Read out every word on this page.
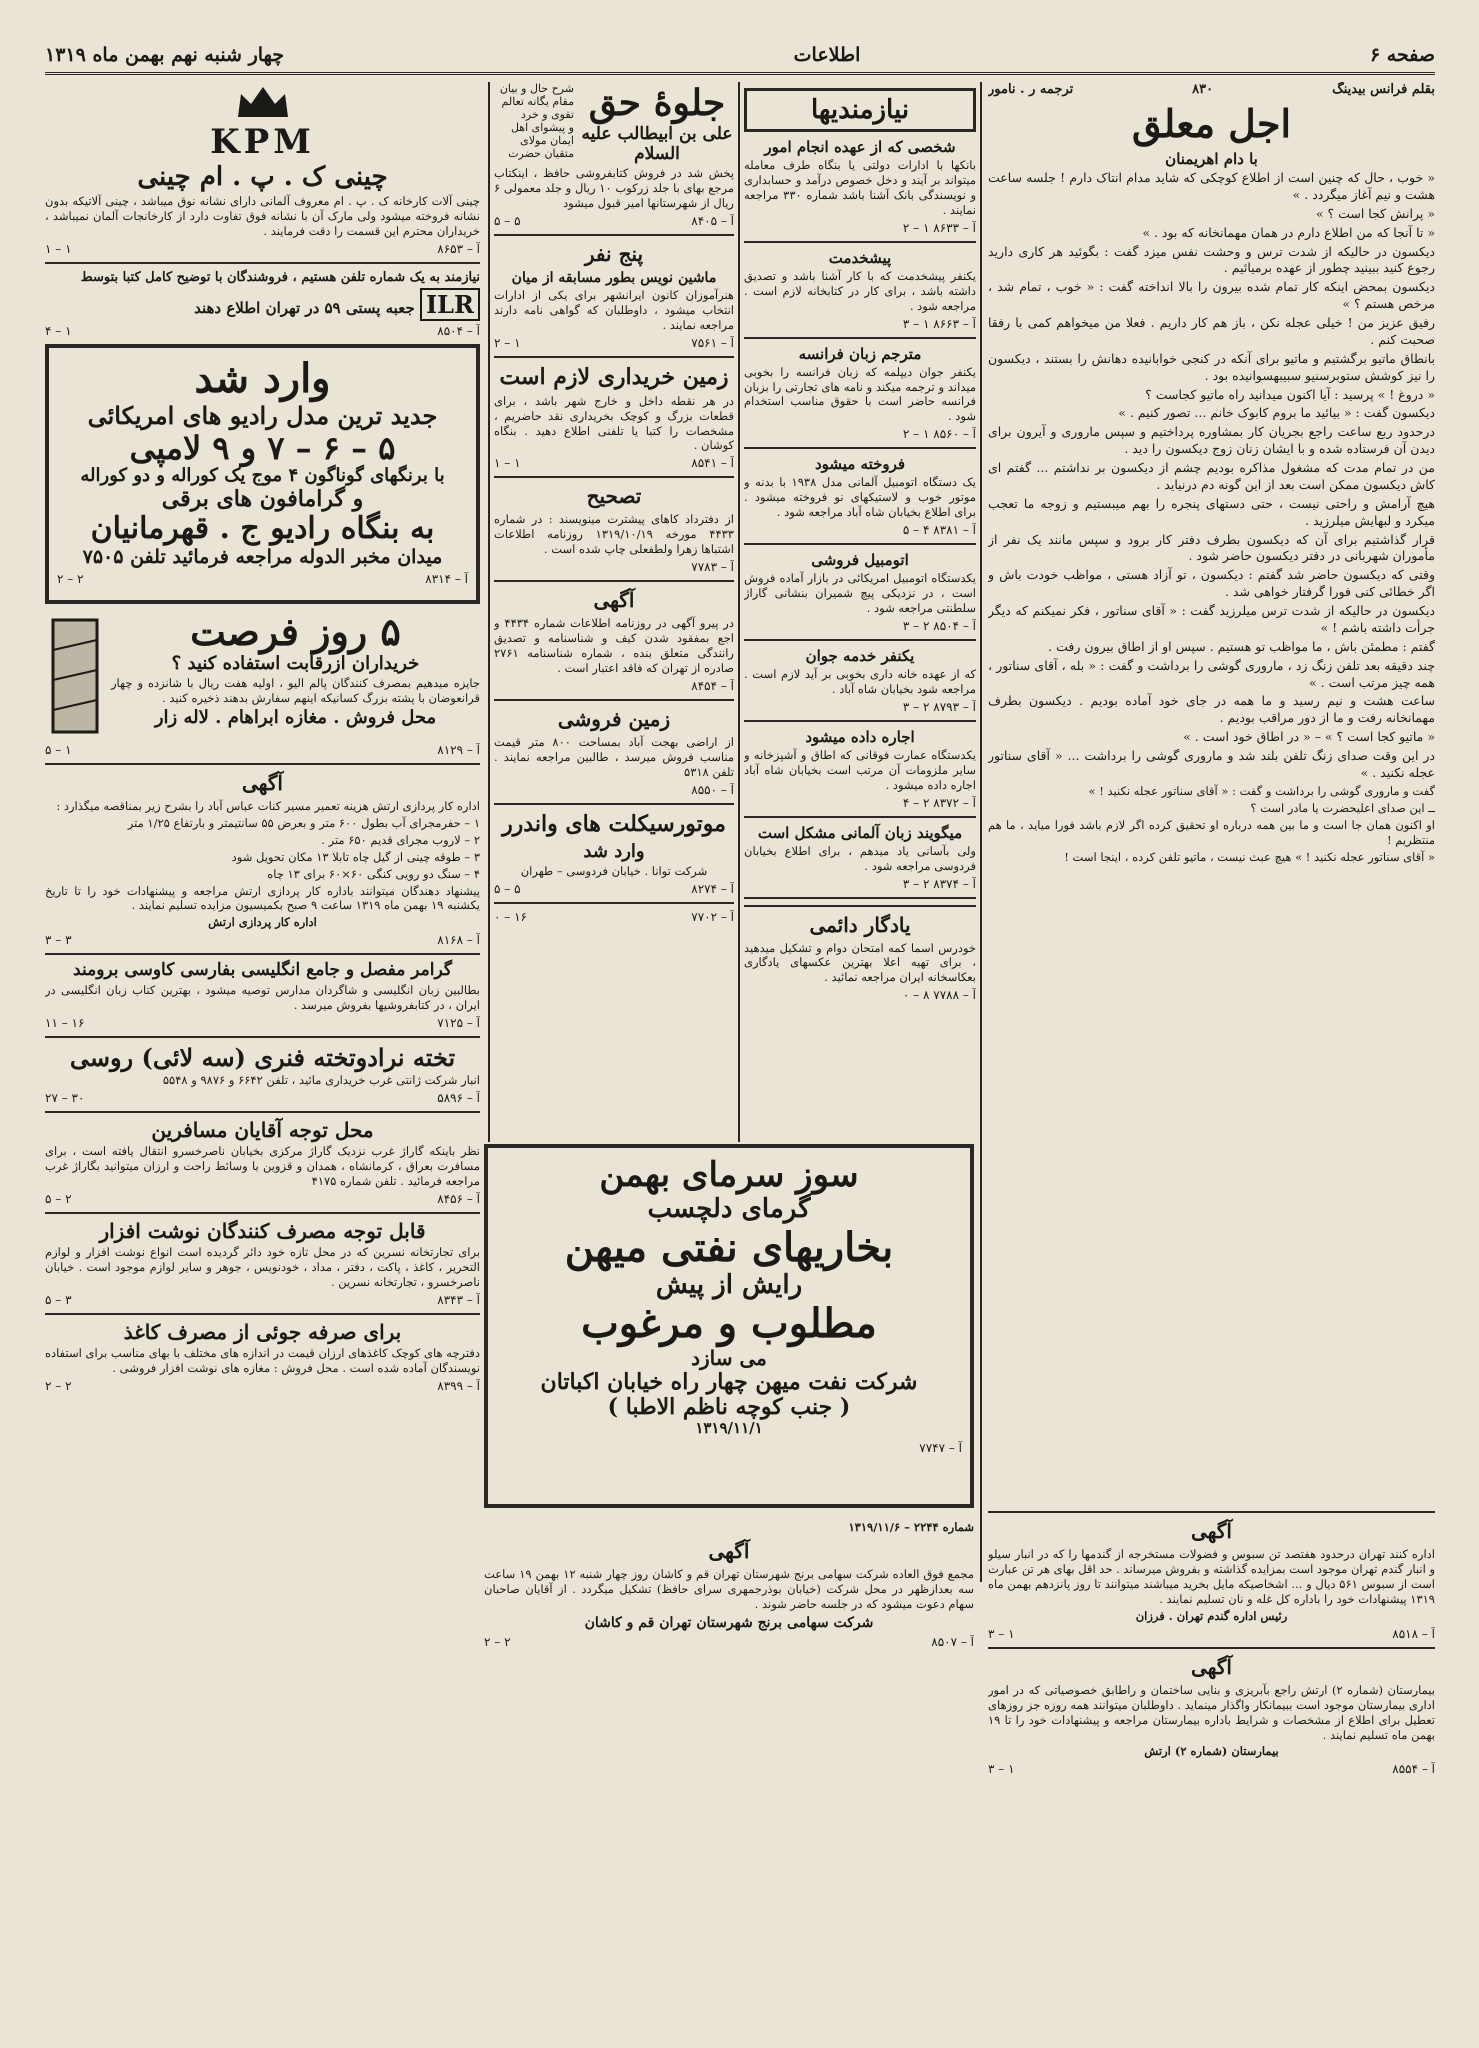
صفحه ۶
اطلاعات
چهار شنبه نهم بهمن ماه ۱۳۱۹
بقلم فرانس بیدینگ
۸۳۰
ترجمه ر . نامور
اجل معلق
با دام اهریمنان

« خوب ، حال که چنین است از اطلاع کوچکی که شاید مدام انتاک دارم ! جلسه ساعت هشت و نیم آغاز میگردد . »

« پرانش کجا است ؟ »

« تا آنجا که من اطلاع دارم در همان مهمانخانه که بود . »

دیکسون در حالیکه از شدت ترس و وحشت نفس میزد گفت : بگوئید هر کاری دارید رجوع کنید ببینید چطور از عهده برمیائیم .

دیکسون بمحض اینکه کار تمام شده بیرون را بالا انداخته گفت : « خوب ، تمام شد ، مرخص هستم ؟ »

رفیق عزیز من ! خیلی عجله نکن ، باز هم کار داریم . فعلا من میخواهم کمی با رفقا صحبت کنم .

بانطاق ماتیو برگشتیم و ماتیو برای آنکه در کنجی خوابانیده دهانش را بستند ، دیکسون را نیز کوشش ستوبرسنیو سبیبهسوانیده بود .

« دروغ ! » پرسید : آیا اکنون میدانید راه ماتیو کجاست ؟

دیکسون گفت : « بیائید ما بروم کابوک خانم ... تصور کنیم . »

درحدود ربع ساعت راجع بجریان کار بمشاوره پرداختیم و سپس ماروری و آیرون برای دیدن آن فرستاده شده و با ایشان زنان زوج دیکسون را دید .

من در تمام مدت که مشغول مذاکره بودیم چشم از دیکسون بر نداشتم ... گفتم ای کاش دیکسون ممکن است بعد از این گونه دم درنیاید .

هیچ آرامش و راحتی نیست ، حتی دستهای پنجره را بهم میبستیم و زوجه ما تعجب میکرد و لبهایش میلرزید .

قرار گذاشتیم برای آن که دیکسون بطرف دفتر کار برود و سپس مانند یک نفر از مأموران شهربانی در دفتر دیکسون حاضر شود .

وقتی که دیکسون حاضر شد گفتم : دیکسون ، تو آزاد هستی ، مواظب خودت باش و اگر خطائی کنی فورا گرفتار خواهی شد .

دیکسون در حالیکه از شدت ترس میلرزید گفت : « آقای سناتور ، فکر نمیکنم که دیگر جرأت داشته باشم ! »

گفتم : مطمئن باش ، ما مواظب تو هستیم . سپس او از اطاق بیرون رفت .

چند دقیقه بعد تلفن زنگ زد ، ماروری گوشی را برداشت و گفت : « بله ، آقای سناتور ، همه چیز مرتب است . »

ساعت هشت و نیم رسید و ما همه در جای خود آماده بودیم . دیکسون بطرف مهمانخانه رفت و ما از دور مراقب بودیم .

« ماتیو کجا است ؟ » – « در اطاق خود است . »

در این وقت صدای زنگ تلفن بلند شد و ماروری گوشی را برداشت ... « آقای سناتور عجله نکنید . »

گفت و ماروری گوشی را برداشت و گفت : « آقای سناتور عجله نکنید ! »

ــ این صدای اعلیحضرت یا مادر است ؟

او اکنون همان جا است و ما بین همه درباره او تحقیق کرده اگر لازم باشد فورا میاید ، ما هم منتظریم !

« آقای سناتور عجله نکنید ! » هیچ عبث نیست ، ماتیو تلفن کرده ، اینجا است !

آگهی

اداره کنند تهران درحدود هفتصد تن سبوس و فضولات مستخرجه از گندمها را که در انبار سیلو و انبار گندم تهران موجود است بمزایده گذاشته و بفروش میرساند . حد اقل بهای هر تن عبارت است از سبوس ۵۶۱ دیال و ... اشخاصیکه مایل بخرید میباشند میتوانند تا روز پانزدهم بهمن ماه ۱۳۱۹ پیشنهادات خود را باداره کل غله و نان تسلیم نمایند .

رئیس اداره گندم تهران . فرزان

آ – ۸۵۱۸
۱ – ۳
آگهی

بیمارستان (شماره ۲) ارتش راجع بآبریزی و بنایی ساختمان و راطابق خصوصیاتی که در امور اداری بیمارستان موجود است ببیمانکار واگذار مینماید . داوطلبان میتوانند همه روزه جز روزهای تعطیل برای اطلاع از مشخصات و شرایط باداره بیمارستان مراجعه و پیشنهادات خود را تا ۱۹ بهمن ماه تسلیم نمایند .

بیمارستان (شماره ۲) ارتش

آ – ۸۵۵۴
۱ – ۳
نیازمندیها
شخصی که از عهده انجام امور

بانکها با ادارات دولتی یا بنگاه طرف معامله میتواند بر آیند و دخل خصوص درآمد و حسابداری و نویسندگی بانک آشنا باشد شماره ۳۳۰ مراجعه نمایند .

آ – ۸۶۳۳ ۱ – ۲
پیشخدمت

یکنفر پیشخدمت که با کار آشنا باشد و تصدیق داشته باشد ، برای کار در کتابخانه لازم است . مراجعه شود .

آ – ۸۶۶۳ ۱ – ۳
مترجم زبان فرانسه

یکنفر جوان دیپلمه که زبان فرانسه را بخوبی میداند و ترجمه میکند و نامه های تجارتی را بزبان فرانسه حاضر است با حقوق مناسب استخدام شود .

آ – ۸۵۶۰ ۱ – ۲
فروخته میشود

یک دستگاه اتومبیل آلمانی مدل ۱۹۳۸ با بدنه و موتور خوب و لاستیکهای نو فروخته میشود . برای اطلاع بخیابان شاه آباد مراجعه شود .

آ – ۸۳۸۱ ۴ – ۵
اتومبیل فروشی

یکدستگاه اتومبیل امریکائی در بازار آماده فروش است ، در نزدیکی پیچ شمیران بنشانی گاراژ سلطنتی مراجعه شود .

آ – ۸۵۰۴ ۲ – ۳
یکنفر خدمه جوان

که از عهده خانه داری بخوبی بر آید لازم است . مراجعه شود بخیابان شاه آباد .

آ – ۸۷۹۳ ۲ – ۳
اجاره داده میشود

یکدستگاه عمارت فوقانی که اطاق و آشپزخانه و سایر ملزومات آن مرتب است بخیابان شاه آباد اجاره داده میشود .

آ – ۸۳۷۲ ۲ – ۴
میگویند زبان آلمانی مشکل است

ولی بآسانی یاد میدهم ، برای اطلاع بخیابان فردوسی مراجعه شود .

آ – ۸۳۷۴ ۲ – ۳
یادگار دائمی

خودرس اسما کمه امتحان دوام و تشکیل میدهید ، برای تهیه اعلا بهترین عکسهای یادگاری بعکاسخانه ایران مراجعه نمائید .

آ – ۷۷۸۸ ۸ – ۰
جلوهٔ حق
علی بن ابیطالب علیه السلام
شرح حال و بیان
مقام یگانه تعالم
تقوی و خرد
و پیشوای اهل
ایمان مولای
متقیان حضرت

پخش شد در فروش کتابفروشی حافظ ، اینکتاب مرجع بهای با جلد زرکوب ۱۰ ریال و جلد معمولی ۶ ریال از شهرستانها امیر قبول میشود

آ – ۸۴۰۵
۵ – ۵
پنج نفر
ماشین نویس بطور مسابقه از میان

هنرآموزان کانون ایرانشهر برای یکی از ادارات انتخاب میشود ، داوطلبان که گواهی نامه دارند مراجعه نمایند .

آ – ۷۵۶۱
۱ – ۲
زمین خریداری لازم است

در هر نقطه داخل و خارج شهر باشد ، برای قطعات بزرگ و کوچک بخریداری نقد حاضریم ، مشخصات را کتبا یا تلفنی اطلاع دهید . بنگاه کوشان .

آ – ۸۵۴۱
۱ – ۱
تصحیح

از دفترداد کاهای پیشترت مینویسند : در شماره ۴۴۳۳ مورخه ۱۳۱۹/۱۰/۱۹ روزنامه اطلاعات اشتباها زهرا ولطفعلی چاپ شده است .

آ – ۷۷۸۳
آگهی

در پیرو آگهی در روزنامه اطلاعات شماره ۴۴۳۴ و اجع بمفقود شدن کیف و شناسنامه و تصدیق رانندگی متعلق بنده ، شماره شناسنامه ۲۷۶۱ صادره از تهران که فاقد اعتبار است .

آ – ۸۴۵۴
زمین فروشی

از اراضی بهجت آباد بمساحت ۸۰۰ متر قیمت مناسب فروش میرسد ، طالبین مراجعه نمایند . تلفن ۵۳۱۸

آ – ۸۵۵۰
موتورسیکلت های واندرر
وارد شد

شرکت توانا . خیابان فردوسی – طهران

آ – ۸۲۷۴
۵ – ۵
آ – ۷۷۰۲
۱۶ – ۰
سوز سرمای بهمن
گرمای دلچسب
بخاریهای نفتی میهن
رایش از پیش
مطلوب و مرغوب
می سازد
شرکت نفت میهن چهار راه خیابان اکباتان
( جنب کوچه ناظم الاطبا )
۱۳۱۹/۱۱/۱
آ – ۷۷۴۷

شماره ۲۲۴۴ – ۱۳۱۹/۱۱/۶

آگهی

مجمع فوق العاده شرکت سهامی برنج شهرستان تهران قم و کاشان روز چهار شنبه ۱۲ بهمن ۱۹ ساعت سه بعدازظهر در محل شرکت (خیابان بوذرجمهری سرای حافظ) تشکیل میگردد . از آقایان صاحبان سهام دعوت میشود که در جلسه حاضر شوند .

شرکت سهامی برنج شهرستان تهران قم و کاشان

آ – ۸۵۰۷
۲ – ۲
KPM
چینی ک . پ . ام چینی

چینی آلات کارخانه ک . پ . ام معروف آلمانی دارای نشانه نوق میباشد ، چینی آلاتیکه بدون نشانه فروخته میشود ولی مارک آن با نشانه فوق تفاوت دارد از کارخانجات آلمان نمیباشد ، خریداران محترم این قسمت را دقت فرمایند .

آ – ۸۶۵۳
۱ – ۱

نیازمند به یک شماره تلفن هستیم ، فروشندگان با توضیح کامل کتبا بتوسط

ILR جعبه پستی ۵۹ در تهران اطلاع دهند

آ – ۸۵۰۴
۱ – ۴
وارد شد
جدید ترین مدل رادیو های امریکائی
۵ – ۶ – ۷ و ۹ لامپی
با برنگهای گوناگون ۴ موج یک کوراله و دو کوراله
و گرامافون های برقی
به بنگاه رادیو ج . قهرمانیان
میدان مخبر الدوله مراجعه فرمائید تلفن ۷۵۰۵
آ – ۸۳۱۴
۲ – ۲
۵ روز فرصت
خریداران ازرقابت استفاده کنید ؟

جایزه میدهیم بمصرف کنندگان پالم الیو ، اولیه هفت ریال با شانزده و چهار قرانعوضان با پشته بزرگ کسانیکه اینهم سفارش بدهند ذخیره کنید .

محل فروش . مغازه ابراهام . لاله زار
آ – ۸۱۲۹
۱ – ۵
آگهی

اداره کار پردازی ارتش هزینه تعمیر مسیر کنات عباس آباد را بشرح زیر بمناقصه میگذارد :

۱ – حفرمجرای آب بطول ۶۰۰ متر و بعرض ۵۵ سانتیمتر و بارتفاع ۱/۲۵ متر

۲ – لاروب مجرای قدیم ۶۵۰ متر .

۳ – طوقه چینی از گیل چاه تابلا ۱۳ مکان تحویل شود

۴ – سنگ دو رویی کنگی ۶۰×۶۰ برای ۱۳ چاه

پیشنهاد دهندگان میتوانند باداره کار پردازی ارتش مراجعه و پیشنهادات خود را تا تاریخ یکشنبه ۱۹ بهمن ماه ۱۳۱۹ ساعت ۹ صبح بکمیسیون مزایده تسلیم نمایند .

اداره کار پردازی ارتش

آ – ۸۱۶۸
۳ – ۳
گرامر مفصل و جامع انگلیسی بفارسی کاوسی برومند

بطالبین زبان انگلیسی و شاگردان مدارس توصیه میشود ، بهترین کتاب زبان انگلیسی در ایران ، در کتابفروشیها بفروش میرسد .

آ – ۷۱۲۵
۱۶ – ۱۱
تخته نرادوتخته فنری (سه لائی) روسی

انبار شرکت ژانتی غرب خریداری مائید ، تلفن ۶۶۴۲ و ۹۸۷۶ و ۵۵۴۸

آ – ۵۸۹۶
۳۰ – ۲۷
محل توجه آقایان مسافرین

نظر باینکه گاراژ غرب نزدیک گاراژ مرکزی بخیابان ناصرخسرو انتقال یافته است ، برای مسافرت بعراق ، کرمانشاه ، همدان و قزوین با وسائط راحت و ارزان میتوانید بگاراژ غرب مراجعه فرمائید . تلفن شماره ۴۱۷۵

آ – ۸۴۵۶
۲ – ۵
قابل توجه مصرف کنندگان نوشت افزار

برای تجارتخانه نسرین که در محل تازه خود دائر گردیده است انواع نوشت افزار و لوازم التحریر ، کاغذ ، پاکت ، دفتر ، مداد ، خودنویس ، جوهر و سایر لوازم موجود است . خیابان ناصرخسرو ، تجارتخانه نسرین .

آ – ۸۳۴۳
۳ – ۵
برای صرفه جوئی از مصرف کاغذ

دفترچه های کوچک کاغذهای ارزان قیمت در اندازه های مختلف با بهای مناسب برای استفاده نویسندگان آماده شده است . محل فروش : مغازه های نوشت افزار فروشی .

آ – ۸۳۹۹
۲ – ۲
